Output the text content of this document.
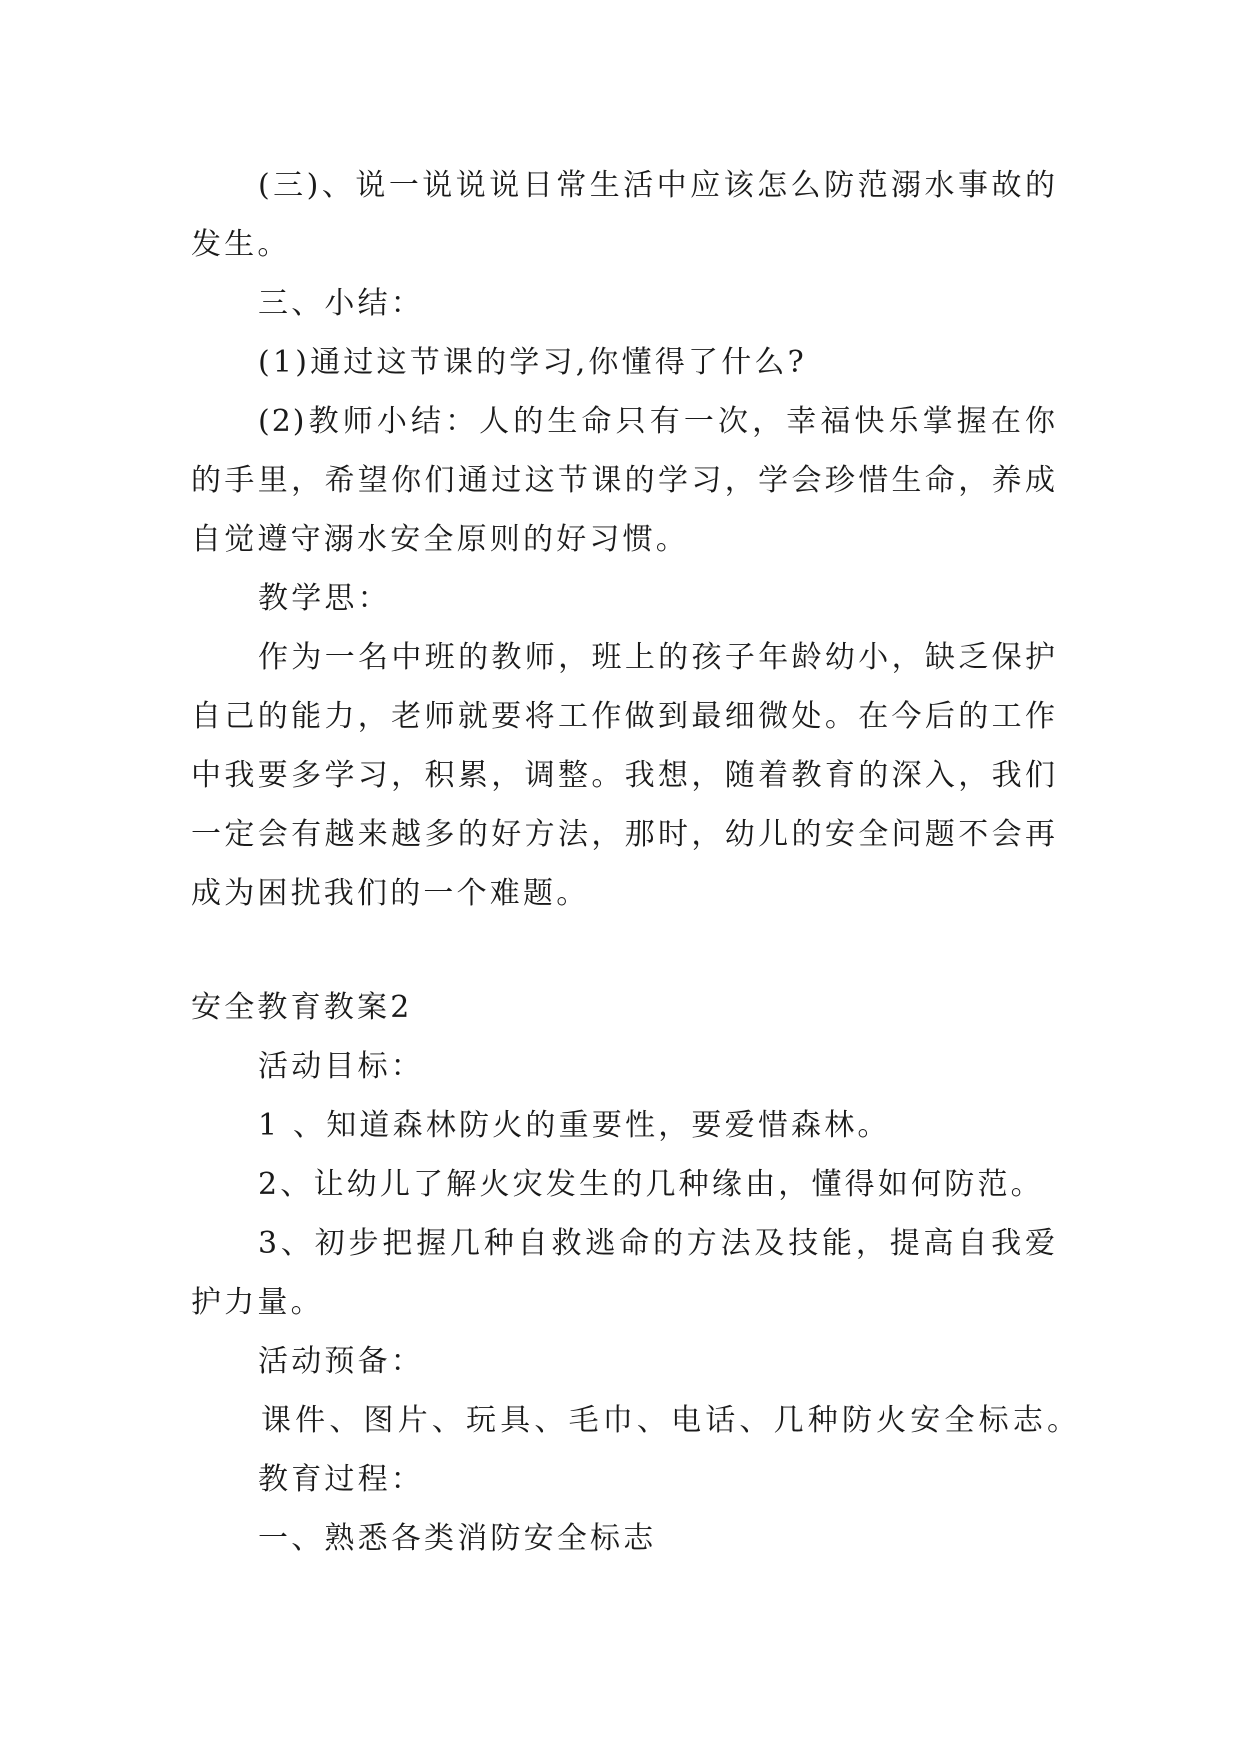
(三)、说一说说说日常生活中应该怎么防范溺水事故的
发生。
三、小结：
(1)通过这节课的学习,你懂得了什么?
(2)教师小结：人的生命只有一次，幸福快乐掌握在你
的手里，希望你们通过这节课的学习，学会珍惜生命，养成
自觉遵守溺水安全原则的好习惯。
教学思：
作为一名中班的教师，班上的孩子年龄幼小，缺乏保护
自己的能力，老师就要将工作做到最细微处。在今后的工作
中我要多学习，积累，调整。我想，随着教育的深入，我们
一定会有越来越多的好方法，那时，幼儿的安全问题不会再
成为困扰我们的一个难题。
安全教育教案2
活动目标：
1 、知道森林防火的重要性，要爱惜森林。
2、让幼儿了解火灾发生的几种缘由，懂得如何防范。
3、初步把握几种自救逃命的方法及技能，提高自我爱
护力量。
活动预备：
课件、图片、玩具、毛巾、电话、几种防火安全标志。
教育过程：
一、熟悉各类消防安全标志
